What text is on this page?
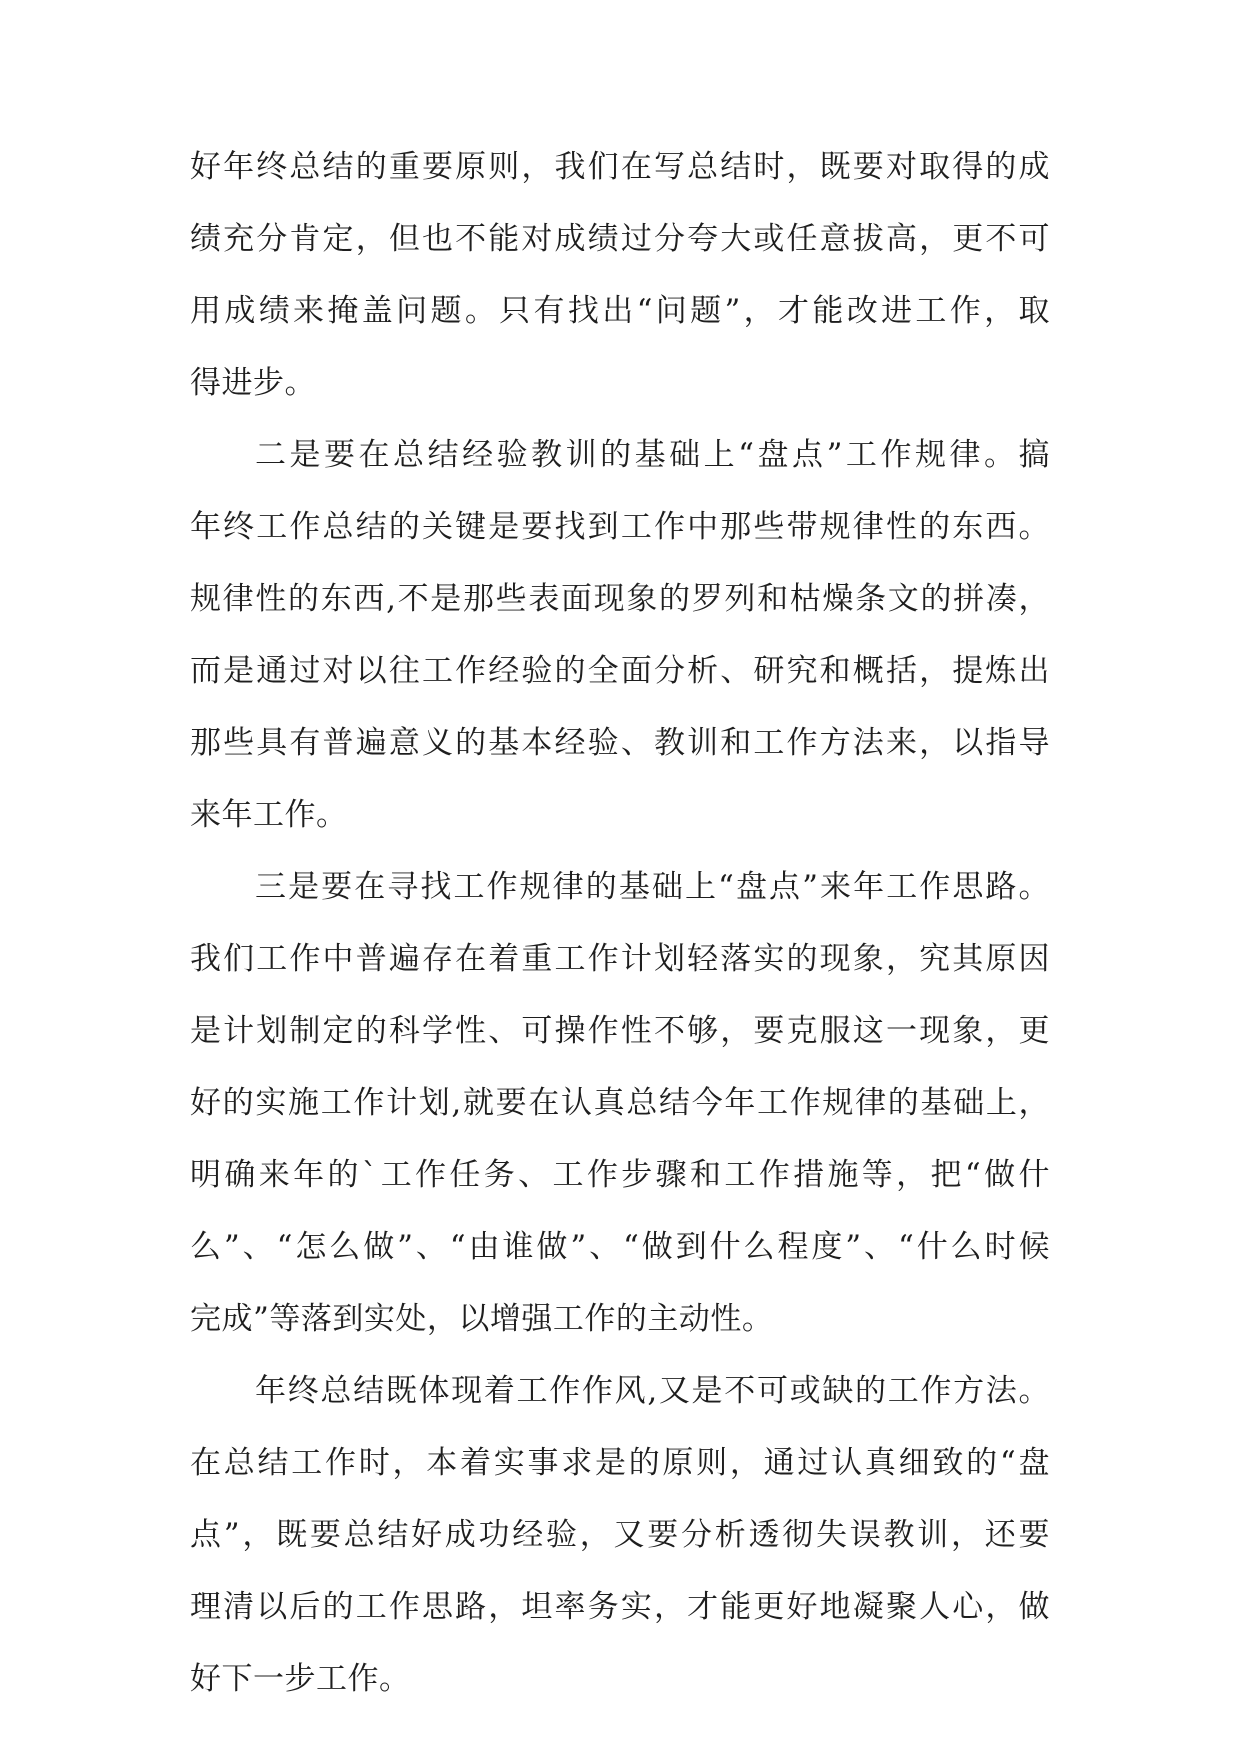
好年终总结的重要原则，我们在写总结时，既要对取得的成
绩充分肯定，但也不能对成绩过分夸大或任意拔高，更不可
用成绩来掩盖问题。只有找出“问题”，才能改进工作，取
得进步。
二是要在总结经验教训的基础上“盘点”工作规律。搞
年终工作总结的关键是要找到工作中那些带规律性的东西。
规律性的东西,不是那些表面现象的罗列和枯燥条文的拼凑，
而是通过对以往工作经验的全面分析、研究和概括，提炼出
那些具有普遍意义的基本经验、教训和工作方法来，以指导
来年工作。
三是要在寻找工作规律的基础上“盘点”来年工作思路。
我们工作中普遍存在着重工作计划轻落实的现象，究其原因
是计划制定的科学性、可操作性不够，要克服这一现象，更
好的实施工作计划,就要在认真总结今年工作规律的基础上，
明确来年的`工作任务、工作步骤和工作措施等，把“做什
么”、“怎么做”、“由谁做”、“做到什么程度”、“什么时候
完成”等落到实处，以增强工作的主动性。
年终总结既体现着工作作风,又是不可或缺的工作方法。
在总结工作时，本着实事求是的原则，通过认真细致的“盘
点”，既要总结好成功经验，又要分析透彻失误教训，还要
理清以后的工作思路，坦率务实，才能更好地凝聚人心，做
好下一步工作。
